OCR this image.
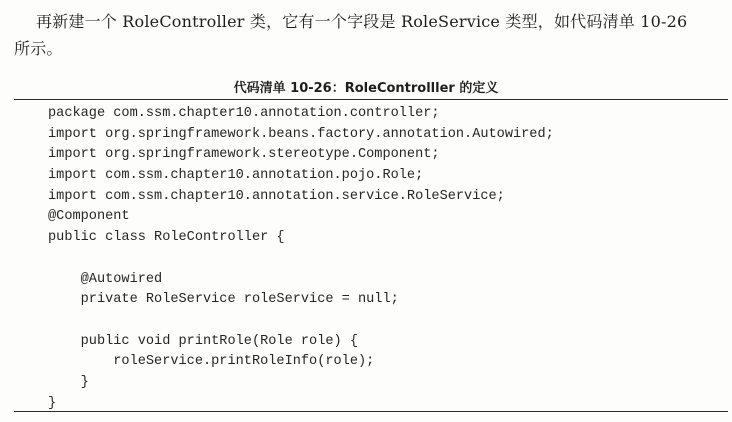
再新建一个 RoleController 类，它有一个字段是 RoleService 类型，如代码清单 10-26
所示。
代码清单 10-26：RoleControlller 的定义
package com.ssm.chapter10.annotation.controller;
import org.springframework.beans.factory.annotation.Autowired;
import org.springframework.stereotype.Component;
import com.ssm.chapter10.annotation.pojo.Role;
import com.ssm.chapter10.annotation.service.RoleService;
@Component
public class RoleController {
@Autowired
private RoleService roleService = null;
public void printRole(Role role) {
roleService.printRoleInfo(role);
}
}
